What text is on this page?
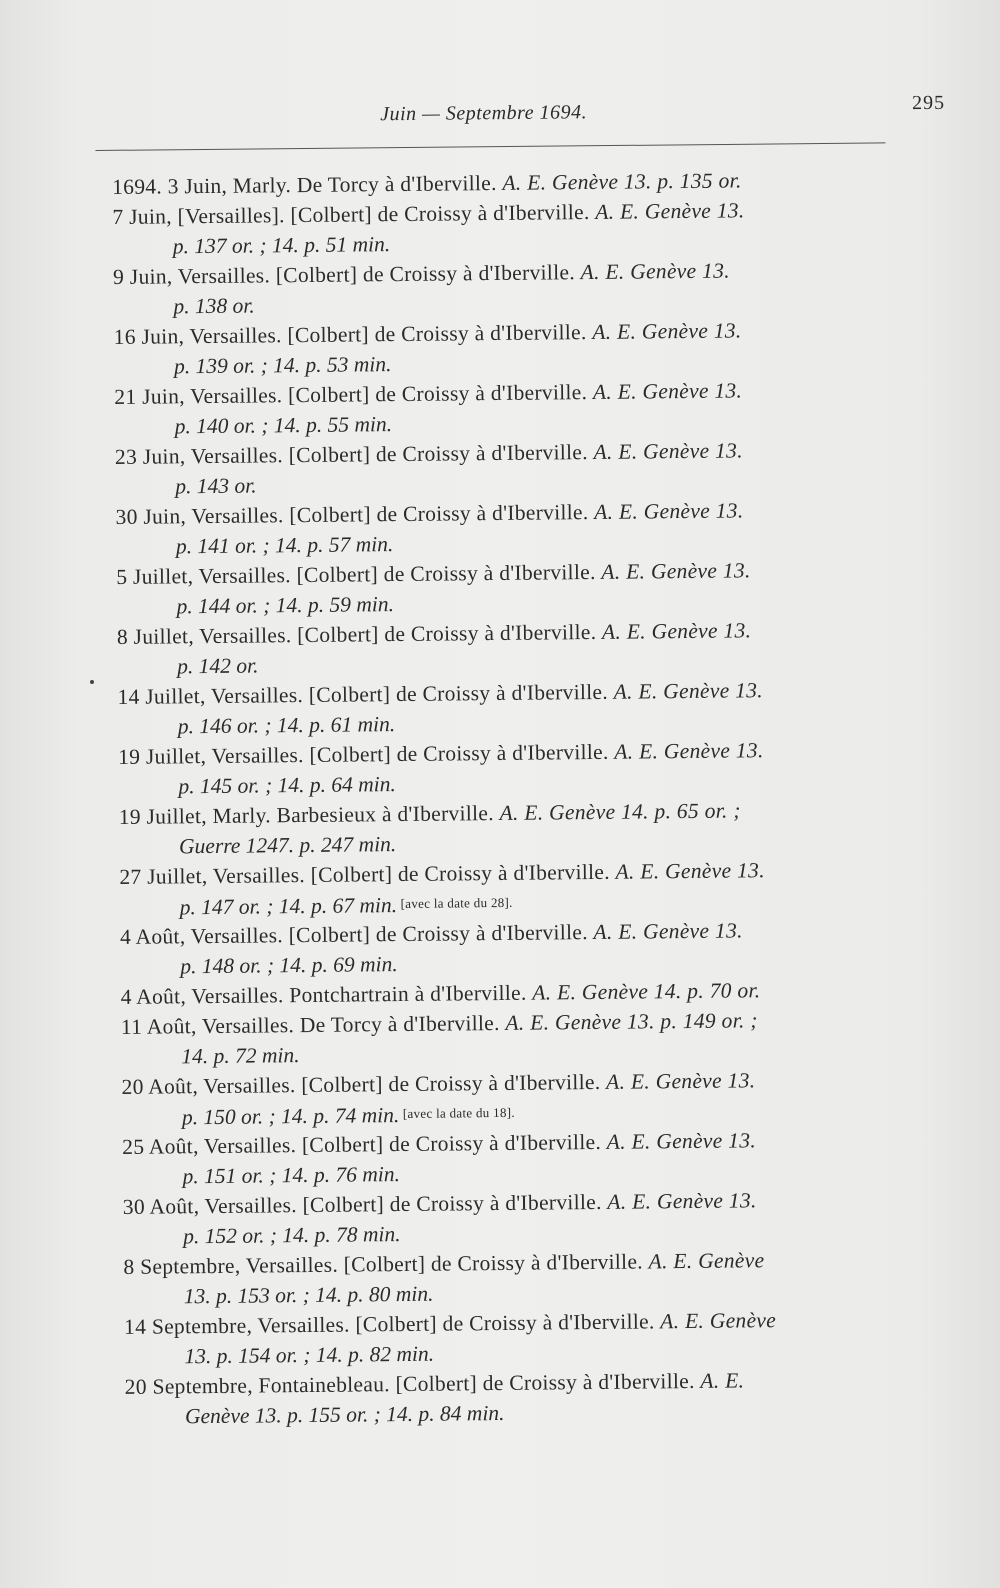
Juin — Septembre 1694.	295
1694. 3 Juin, Marly. De Torcy à d'Iberville. A. E. Genève 13. p. 135 or.
7 Juin, [Versailles]. [Colbert] de Croissy à d'Iberville. A. E. Genève 13.
p. 137 or. ; 14. p. 51 min.
9 Juin, Versailles. [Colbert] de Croissy à d'Iberville. A. E. Genève 13.
p. 138 or.
16 Juin, Versailles. [Colbert] de Croissy à d'Iberville. A. E. Genève 13.
p. 139 or. ; 14. p. 53 min.
21 Juin, Versailles. [Colbert] de Croissy à d'Iberville. A. E. Genève 13.
p. 140 or. ; 14. p. 55 min.
23 Juin, Versailles. [Colbert] de Croissy à d'Iberville. A. E. Genève 13.
p. 143 or.
30 Juin, Versailles. [Colbert] de Croissy à d'Iberville. A. E. Genève 13.
p. 141 or. ; 14. p. 57 min.
5 Juillet, Versailles. [Colbert] de Croissy à d'Iberville. A. E. Genève 13.
p. 144 or. ; 14. p. 59 min.
8 Juillet, Versailles. [Colbert] de Croissy à d'Iberville. A. E. Genève 13.
p. 142 or.
14 Juillet, Versailles. [Colbert] de Croissy à d'Iberville. A. E. Genève 13.
p. 146 or. ; 14. p. 61 min.
19 Juillet, Versailles. [Colbert] de Croissy à d'Iberville. A. E. Genève 13.
p. 145 or. ; 14. p. 64 min.
19 Juillet, Marly. Barbesieux à d'Iberville. A. E. Genève 14. p. 65 or. ;
Guerre 1247. p. 247 min.
27 Juillet, Versailles. [Colbert] de Croissy à d'Iberville. A. E. Genève 13.
p. 147 or. ; 14. p. 67 min. [avec la date du 28].
4 Août, Versailles. [Colbert] de Croissy à d'Iberville. A. E. Genève 13.
p. 148 or. ; 14. p. 69 min.
4 Août, Versailles. Pontchartrain à d'Iberville. A. E. Genève 14. p. 70 or.
11 Août, Versailles. De Torcy à d'Iberville. A. E. Genève 13. p. 149 or. ;
14. p. 72 min.
20 Août, Versailles. [Colbert] de Croissy à d'Iberville. A. E. Genève 13.
p. 150 or. ; 14. p. 74 min. [avec la date du 18].
25 Août, Versailles. [Colbert] de Croissy à d'Iberville. A. E. Genève 13.
p. 151 or. ; 14. p. 76 min.
30 Août, Versailles. [Colbert] de Croissy à d'Iberville. A. E. Genève 13.
p. 152 or. ; 14. p. 78 min.
8 Septembre, Versailles. [Colbert] de Croissy à d'Iberville. A. E. Genève
13. p. 153 or. ; 14. p. 80 min.
14 Septembre, Versailles. [Colbert] de Croissy à d'Iberville. A. E. Genève
13. p. 154 or. ; 14. p. 82 min.
20 Septembre, Fontainebleau. [Colbert] de Croissy à d'Iberville. A. E.
Genève 13. p. 155 or. ; 14. p. 84 min.
